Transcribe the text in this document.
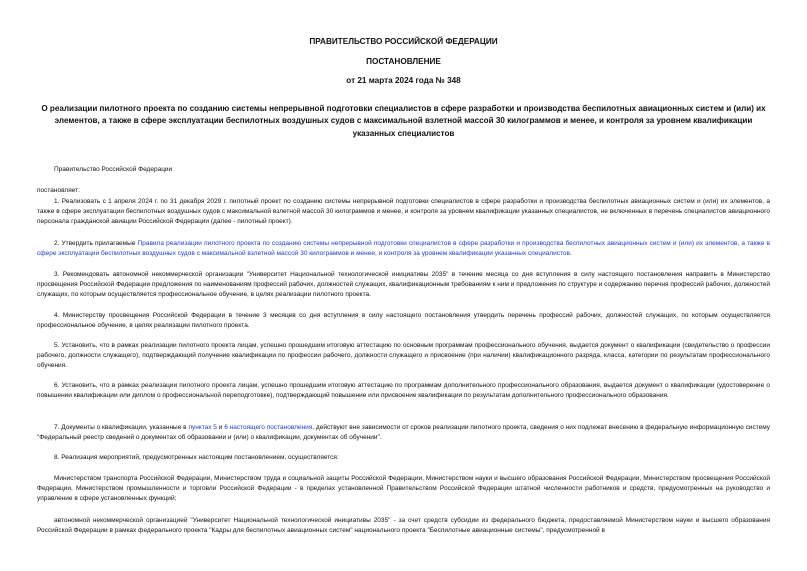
ПРАВИТЕЛЬСТВО РОССИЙСКОЙ ФЕДЕРАЦИИ
ПОСТАНОВЛЕНИЕ
от 21 марта 2024 года № 348
О реализации пилотного проекта по созданию системы непрерывной подготовки специалистов в сфере разработки и производства беспилотных авиационных систем и (или) их элементов, а также в сфере эксплуатации беспилотных воздушных судов с максимальной взлетной массой 30 килограммов и менее, и контроля за уровнем квалификации указанных специалистов
Правительство Российской Федерации
постановляет:
1. Реализовать с 1 апреля 2024 г. по 31 декабря 2029 г. пилотный проект по созданию системы непрерывной подготовки специалистов в сфере разработки и производства беспилотных авиационных систем и (или) их элементов, а также в сфере эксплуатации беспилотных воздушных судов с максимальной взлетной массой 30 килограммов и менее, и контроля за уровнем квалификации указанных специалистов, не включенных в перечень специалистов авиационного персонала гражданской авиации Российской Федерации (далее - пилотный проект).
2. Утвердить прилагаемые Правила реализации пилотного проекта по созданию системы непрерывной подготовки специалистов в сфере разработки и производства беспилотных авиационных систем и (или) их элементов, а также в сфере эксплуатации беспилотных воздушных судов с максимальной взлетной массой 30 килограммов и менее, и контроля за уровнем квалификации указанных специалистов.
3. Рекомендовать автономной некоммерческой организации "Университет Национальной технологической инициативы 2035" в течение месяца со дня вступления в силу настоящего постановления направить в Министерство просвещения Российской Федерации предложения по наименованиям профессий рабочих, должностей служащих, квалификационным требованиям к ним и предложения по структуре и содержанию перечня профессий рабочих, должностей служащих, по которым осуществляется профессиональное обучение, в целях реализации пилотного проекта.
4. Министерству просвещения Российской Федерации в течение 3 месяцев со дня вступления в силу настоящего постановления утвердить перечень профессий рабочих, должностей служащих, по которым осуществляется профессиональное обучение, в целях реализации пилотного проекта.
5. Установить, что в рамках реализации пилотного проекта лицам, успешно прошедшим итоговую аттестацию по основным программам профессионального обучения, выдается документ о квалификации (свидетельство о профессии рабочего, должности служащего), подтверждающий получение квалификации по профессии рабочего, должности служащего и присвоение (при наличии) квалификационного разряда, класса, категории по результатам профессионального обучения.
6. Установить, что в рамках реализации пилотного проекта лицам, успешно прошедшим итоговую аттестацию по программам дополнительного профессионального образования, выдается документ о квалификации (удостоверение о повышении квалификации или диплом о профессиональной переподготовке), подтверждающий повышение или присвоение квалификации по результатам дополнительного профессионального образования.
7. Документы о квалификации, указанные в пунктах 5 и 6 настоящего постановления, действуют вне зависимости от сроков реализации пилотного проекта, сведения о них подлежат внесению в федеральную информационную систему "Федеральный реестр сведений о документах об образовании и (или) о квалификации, документах об обучении".
8. Реализация мероприятий, предусмотренных настоящим постановлением, осуществляется:
Министерством транспорта Российской Федерации, Министерством труда и социальной защиты Российской Федерации, Министерством науки и высшего образования Российской Федерации, Министерством просвещения Российской Федерации, Министерством промышленности и торговли Российской Федерации - в пределах установленной Правительством Российской Федерации штатной численности работников и средств, предусмотренных на руководство и управление в сфере установленных функций;
автономной некоммерческой организацией "Университет Национальной технологической инициативы 2035" - за счет средств субсидии из федерального бюджета, предоставляемой Министерством науки и высшего образования Российской Федерации в рамках федерального проекта "Кадры для беспилотных авиационных систем" национального проекта "Беспилотные авиационные системы", предусмотренной в
